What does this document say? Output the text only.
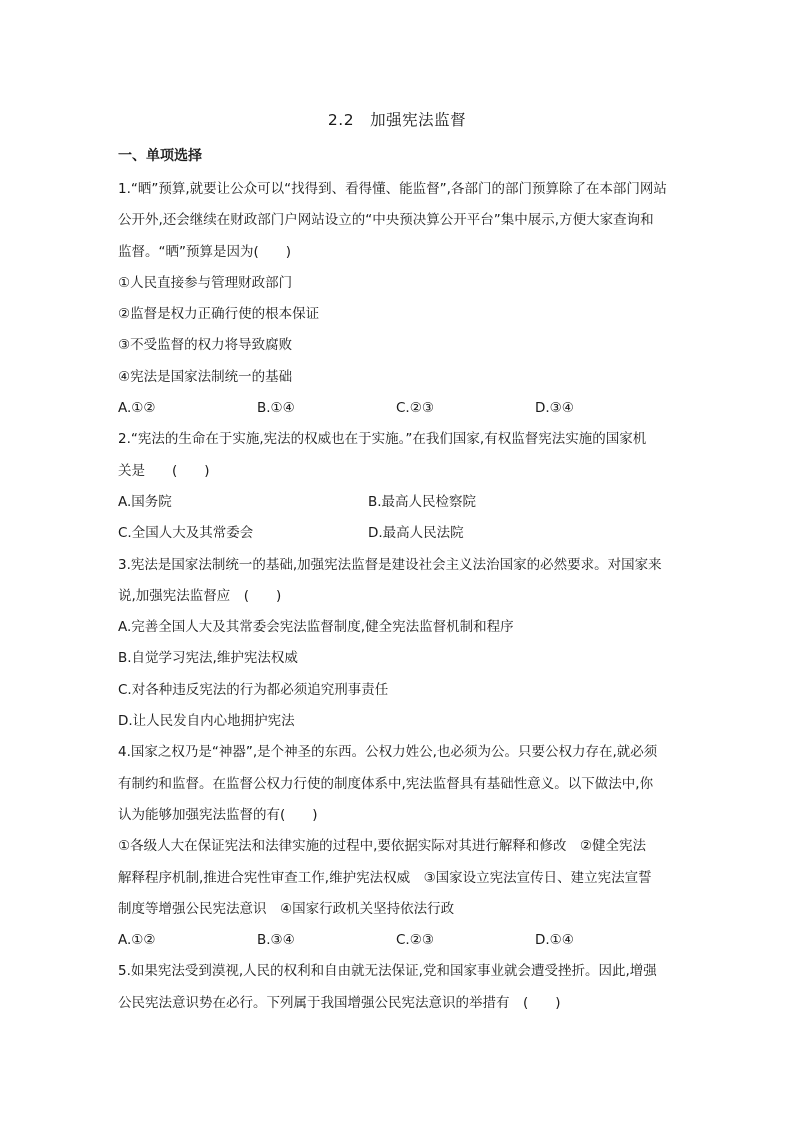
2.2　加强宪法监督
一、单项选择
1.“晒”预算,就要让公众可以“找得到、看得懂、能监督”,各部门的部门预算除了在本部门网站
公开外,还会继续在财政部门户网站设立的“中央预决算公开平台”集中展示,方便大家查询和
监督。“晒”预算是因为(　　)
①人民直接参与管理财政部门
②监督是权力正确行使的根本保证
③不受监督的权力将导致腐败
④宪法是国家法制统一的基础
A.①②	B.①④	C.②③	D.③④
2.“宪法的生命在于实施,宪法的权威也在于实施。”在我们国家,有权监督宪法实施的国家机
关是　　(　　)
A.国务院	B.最高人民检察院
C.全国人大及其常委会	D.最高人民法院
3.宪法是国家法制统一的基础,加强宪法监督是建设社会主义法治国家的必然要求。对国家来
说,加强宪法监督应　(　　)
A.完善全国人大及其常委会宪法监督制度,健全宪法监督机制和程序
B.自觉学习宪法,维护宪法权威
C.对各种违反宪法的行为都必须追究刑事责任
D.让人民发自内心地拥护宪法
4.国家之权乃是“神器”,是个神圣的东西。公权力姓公,也必须为公。只要公权力存在,就必须
有制约和监督。在监督公权力行使的制度体系中,宪法监督具有基础性意义。以下做法中,你
认为能够加强宪法监督的有(　　)
①各级人大在保证宪法和法律实施的过程中,要依据实际对其进行解释和修改　②健全宪法
解释程序机制,推进合宪性审查工作,维护宪法权威　③国家设立宪法宣传日、建立宪法宣誓
制度等增强公民宪法意识　④国家行政机关坚持依法行政
A.①②	B.③④	C.②③	D.①④
5.如果宪法受到漠视,人民的权利和自由就无法保证,党和国家事业就会遭受挫折。因此,增强
公民宪法意识势在必行。下列属于我国增强公民宪法意识的举措有　(　　)
